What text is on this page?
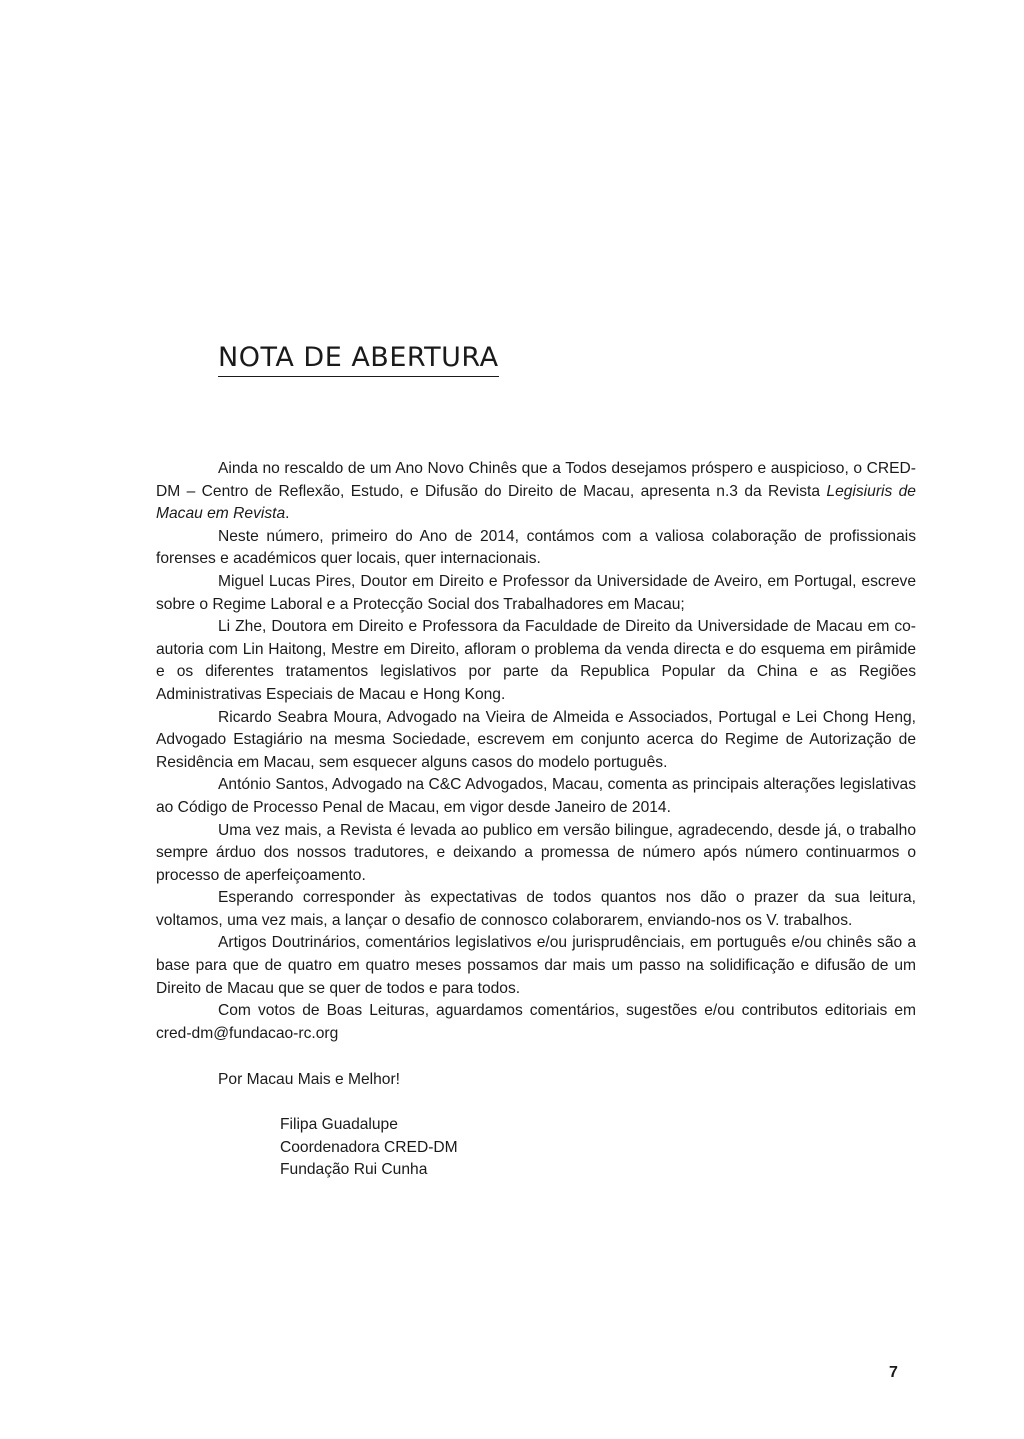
NOTA DE ABERTURA

Ainda no rescaldo de um Ano Novo Chinês que a Todos desejamos próspero e auspicioso, o CRED-DM – Centro de Reflexão, Estudo, e Difusão do Direito de Macau, apresenta n.3 da Revista Legisiuris de Macau em Revista.

Neste número, primeiro do Ano de 2014, contámos com a valiosa colaboração de profissionais forenses e académicos quer locais, quer internacionais.

Miguel Lucas Pires, Doutor em Direito e Professor da Universidade de Aveiro, em Portugal, escreve sobre o Regime Laboral e a Protecção Social dos Trabalhadores em Macau;

Li Zhe, Doutora em Direito e Professora da Faculdade de Direito da Universidade de Macau em co-autoria com Lin Haitong, Mestre em Direito, afloram o problema da venda directa e do esquema em pirâmide e os diferentes tratamentos legislativos por parte da Republica Popular da China e as Regiões Administrativas Especiais de Macau e Hong Kong.

Ricardo Seabra Moura, Advogado na Vieira de Almeida e Associados, Portugal e Lei Chong Heng, Advogado Estagiário na mesma Sociedade, escrevem em conjunto acerca do Regime de Autorização de Residência em Macau, sem esquecer alguns casos do modelo português.

António Santos, Advogado na C&C Advogados, Macau, comenta as principais alterações legislativas ao Código de Processo Penal de Macau, em vigor desde Janeiro de 2014.

Uma vez mais, a Revista é levada ao publico em versão bilingue, agradecendo, desde já, o trabalho sempre árduo dos nossos tradutores, e deixando a promessa de número após número continuarmos o processo de aperfeiçoamento.

Esperando corresponder às expectativas de todos quantos nos dão o prazer da sua leitura, voltamos, uma vez mais, a lançar o desafio de connosco colaborarem, enviando-nos os V. trabalhos.

Artigos Doutrinários, comentários legislativos e/ou jurisprudênciais, em português e/ou chinês são a base para que de quatro em quatro meses possamos dar mais um passo na solidificação e difusão de um Direito de Macau que se quer de todos e para todos.

Com votos de Boas Leituras, aguardamos comentários, sugestões e/ou contributos editoriais em cred-dm@fundacao-rc.org

Por Macau Mais e Melhor!

Filipa Guadalupe
Coordenadora CRED-DM
Fundação Rui Cunha
7
